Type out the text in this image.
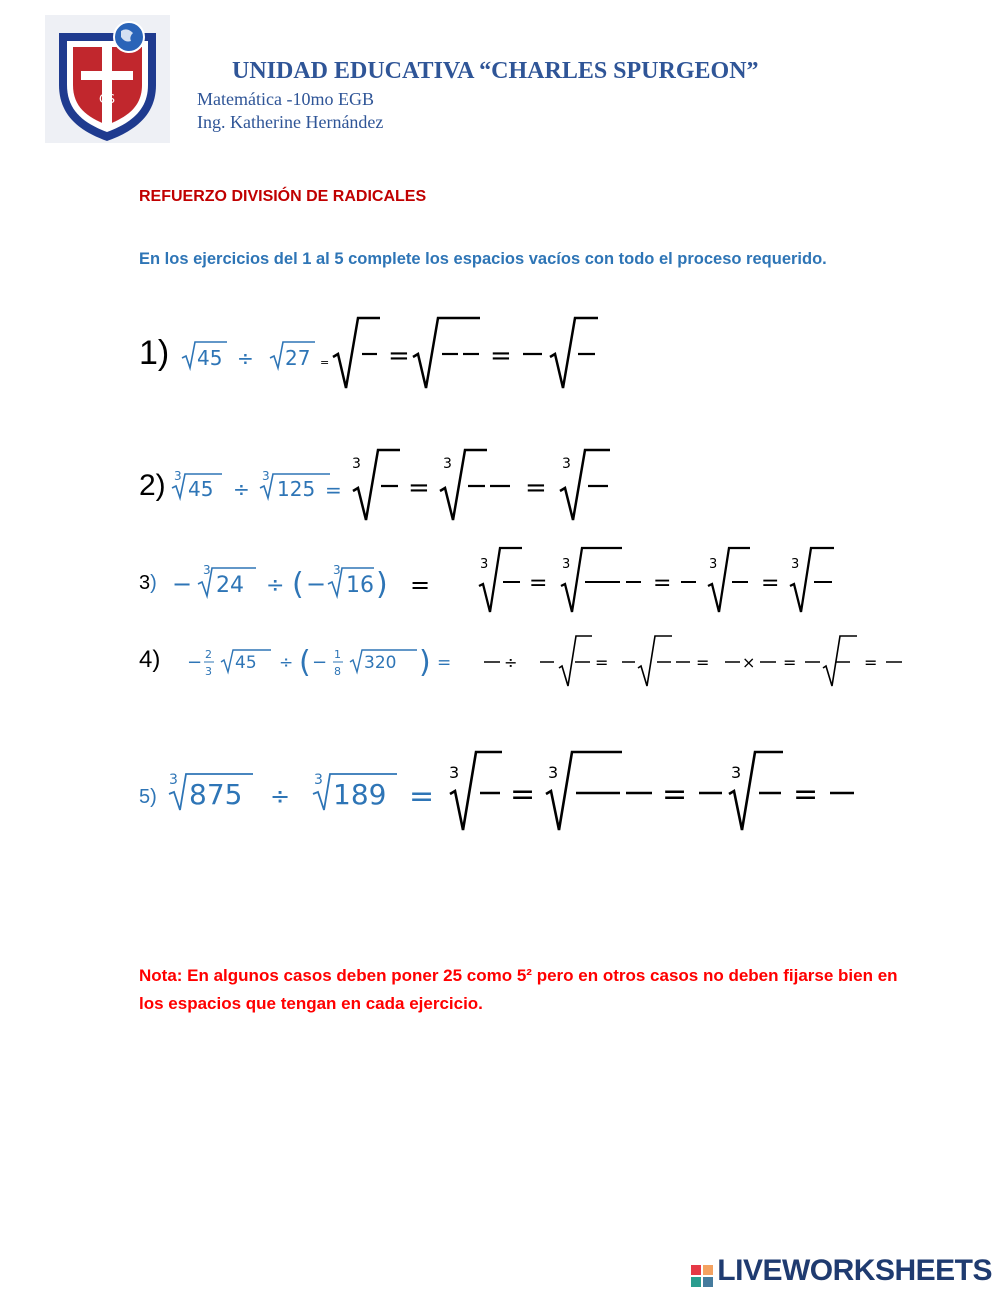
CS
UNIDAD EDUCATIVA “CHARLES SPURGEON”
Matemática -10mo EGB
Ing. Katherine Hernández
REFUERZO DIVISIÓN DE RADICALES
En los ejercicios del 1 al 5 complete los espacios vacíos con todo el proceso requerido.
1) 45 ÷ 27 = =	=
2) 3	3
45 ÷ 125 =
3	3	3
=	=
3) − 3	3
24 ÷ ( − 16 ) =
3	3	3	3
=	=	=
4) − 2
3 45 ÷ ( − 1
8 320 ) =	÷	=	= × =	=
5)
3	3
875 ÷ 189 =
3	3	3
=	=	=
Nota: En algunos casos deben poner 25 como 5² pero en otros casos no deben fijarse bien en los espacios que tengan en cada ejercicio.
LIVEWORKSHEETS
